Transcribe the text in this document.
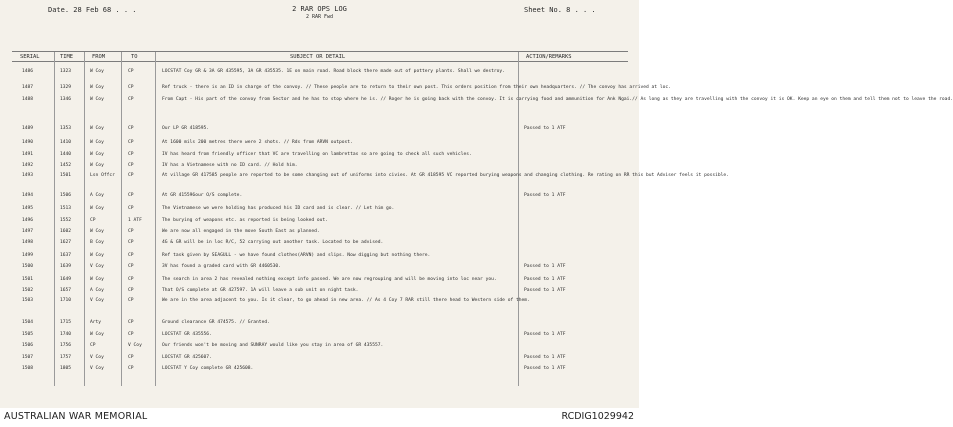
Date. 28 Feb 68 . . .	2 RAR OPS LOG
2 RAR Fwd
Sheet No. 8 . . .
SERIAL	TIME	FROM	TO	SUBJECT OR DETAIL	ACTION/REMARKS
1486	1323	W Coy	CP	LOCSTAT Coy GR & 3A GR 435595, 3A GR 435535. 1E on main road. Road block there made out of pottery plants. Shall we destroy.
1487	1329	W Coy	CP	Ref truck - there is an ID in charge of the convoy. // These people are to return to their own post. This orders position from their own headquarters. // The convoy has arrived at loc.
1488	1346	W Coy	CP	From Capt - His part of the convoy from Sector and he has to stop where he is. // Roger he is going back with the convoy. It is carrying food and ammunition for Ank Ngai.// As long as they are travelling with the convoy it is OK. Keep an eye on them and tell them not to leave the road.
1489	1353	W Coy	CP	Our LP GR 418595.	Passed to 1 ATF
1490	1410	W Coy	CP	At 1600 mils 200 metres there were 2 shots. // Rds from ARVN outpost.
1491	1440	W Coy	CP	IV has heard from friendly officer that VC are travelling on lambrettas so are going to check all such vehicles.
1492	1452	W Coy	CP	IV has a Vietnamese with no ID card. // Hold him.
1493	1501	Lsn Offcr	CP	At village GR 417585 people are reported to be some changing out of uniforms into civies. At GR 418595 VC reported burying weapons and changing clothing. Re rating on RR this but Adviser feels it possible.
1494	1506	A Coy	CP	At GR 415596our O/S complete.	Passed to 1 ATF
1495	1513	W Coy	CP	The Vietnamese we were holding has produced his ID card and is clear. // Let him go.
1496	1552	CP	1 ATF	The burying of weapons etc. as reported is being looked out.
1497	1602	W Coy	CP	We are now all engaged in the move South East as planned.
1498	1627	B Coy	CP	4G & GR will be in loc R/C, 52 carrying out another task. Located to be advised.
1499	1637	W Coy	CP	Ref task given by SEAGULL - we have found clothes(ARVN) and slips. Now digging but nothing there.
1500	1639	V Coy	CP	3V has found a graded card with GR 4460530.	Passed to 1 ATF
1501	1649	W Coy	CP	The search in area 2 has revealed nothing except info passed. We are now regrouping and will be moving into loc near you.	Passed to 1 ATF
1502	1657	A Coy	CP	That O/S complete at GR 427597. 1A will leave a sub unit on night task.	Passed to 1 ATF
1503	1710	V Coy	CP	We are in the area adjacent to you. Is it clear, to go ahead in new area. // As 4 Coy 7 RAR still there head to Western side of them.
1504	1715	Arty	CP	Ground clearance GR 474575. // Granted.
1505	1740	W Coy	CP	LOCSTAT GR 435556.	Passed to 1 ATF
1506	1756	CP	V Coy	Our friends won't be moving and SUNRAY would like you stay in area of GR 435557.
1507	1757	V Coy	CP	LOCSTAT GR 425607.	Passed to 1 ATF
1508	1805	V Coy	CP	LOCSTAT Y Coy complete GR 425608.	Passed to 1 ATF
AUSTRALIAN WAR MEMORIAL	RCDIG1029942
